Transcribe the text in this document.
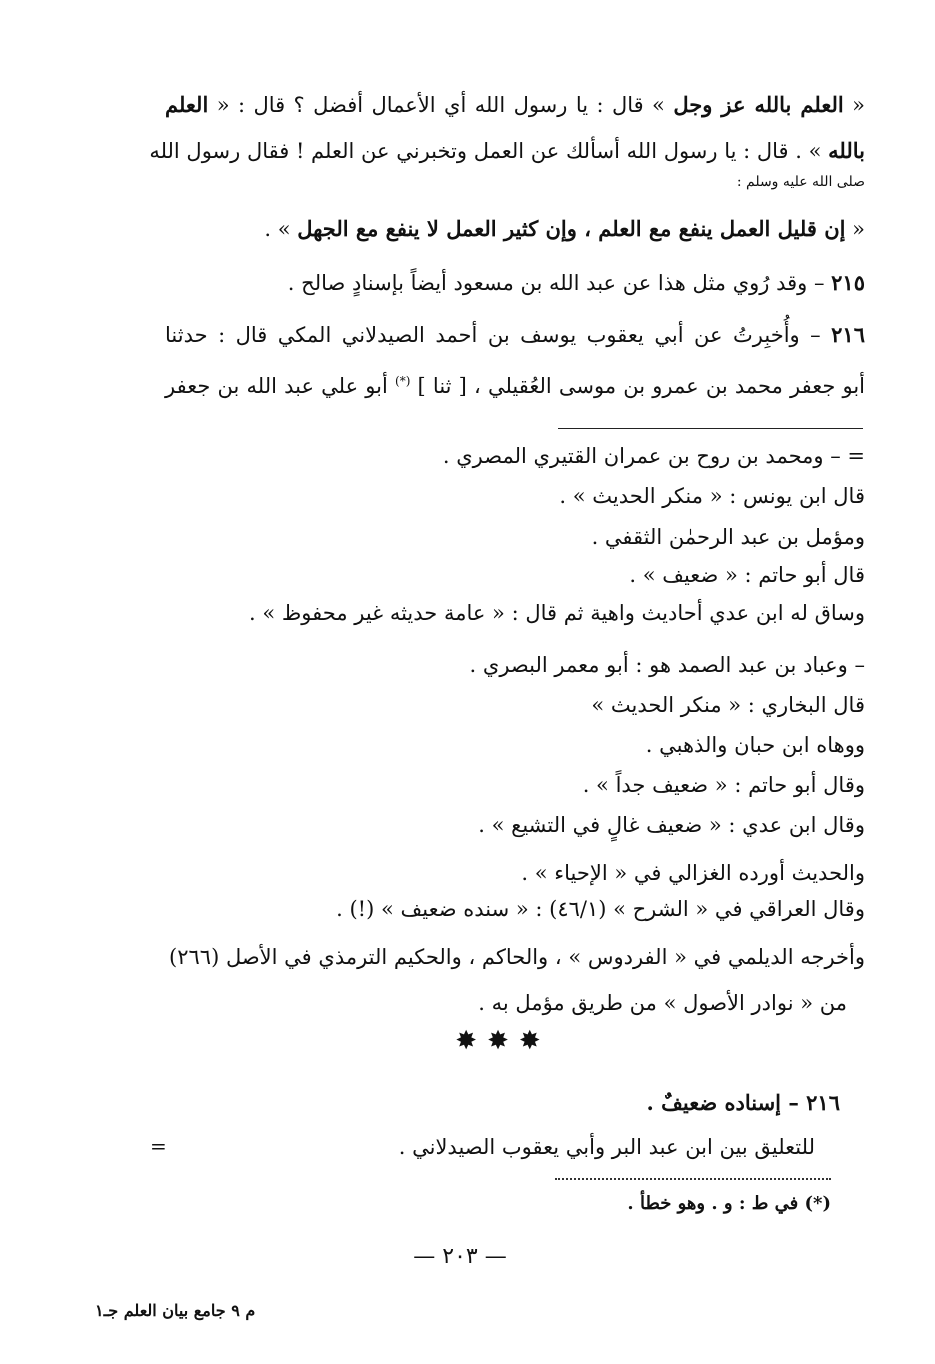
« العلم بالله عز وجل » قال : يا رسول الله أي الأعمال أفضل ؟ قال : « العلم
بالله » . قال : يا رسول الله أسألك عن العمل وتخبرني عن العلم ! فقال رسول الله
صلى الله عليه وسلم :
« إن قليل العمل ينفع مع العلم ، وإن كثير العمل لا ينفع مع الجهل » .
٢١٥ – وقد رُوي مثل هذا عن عبد الله بن مسعود أيضاً بإسنادٍ صالح .
٢١٦ – وأُخبِرتُ عن أبي يعقوب يوسف بن أحمد الصيدلاني المكي قال : حدثنا
أبو جعفر محمد بن عمرو بن موسى العُقيلي ، [ ثنا ] (*) أبو علي عبد الله بن جعفر
= – ومحمد بن روح بن عمران القتيري المصري .
قال ابن يونس : « منكر الحديث » .
ومؤمل بن عبد الرحمٰن الثقفي .
قال أبو حاتم : « ضعيف » .
وساق له ابن عدي أحاديث واهية ثم قال : « عامة حديثه غير محفوظ » .
– وعباد بن عبد الصمد هو : أبو معمر البصري .
قال البخاري : « منكر الحديث »
ووهاه ابن حبان والذهبي .
وقال أبو حاتم : « ضعيف جداً » .
وقال ابن عدي : « ضعيف غالٍ في التشيع » .
والحديث أورده الغزالي في « الإحياء » .
وقال العراقي في « الشرح » (٤٦/١) : « سنده ضعيف » (!) .
وأخرجه الديلمي في « الفردوس » ، والحاكم ، والحكيم الترمذي في الأصل (٢٦٦)
من « نوادر الأصول » من طريق مؤمل به .
✸ ✸ ✸
٢١٦ – إسناده ضعيفٌ .
للتعليق بين ابن عبد البر وأبي يعقوب الصيدلاني .
=
(*) في ط : و . وهو خطأ .
— ٢٠٣ —
م ٩ جامع بيان العلم جـ١
